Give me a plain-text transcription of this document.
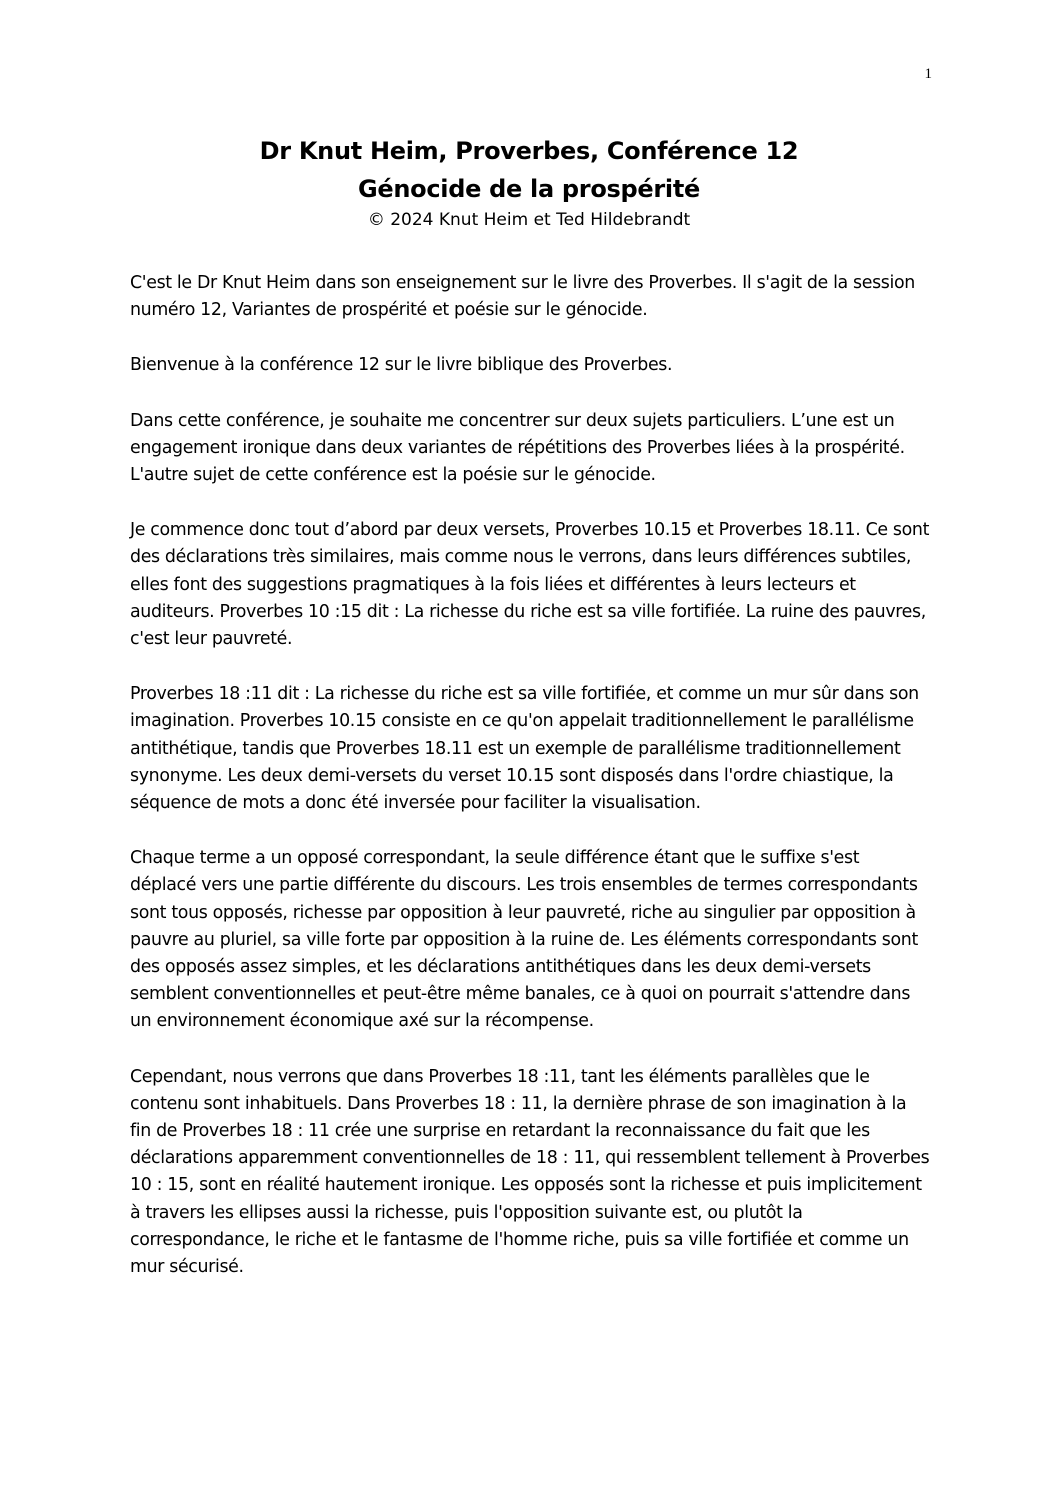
1
Dr Knut Heim, Proverbes, Conférence 12
Génocide de la prospérité
© 2024 Knut Heim et Ted Hildebrandt

C'est le Dr Knut Heim dans son enseignement sur le livre des Proverbes. Il s'agit de la session numéro 12, Variantes de prospérité et poésie sur le génocide.

Bienvenue à la conférence 12 sur le livre biblique des Proverbes.

Dans cette conférence, je souhaite me concentrer sur deux sujets particuliers. L’une est un engagement ironique dans deux variantes de répétitions des Proverbes liées à la prospérité. L'autre sujet de cette conférence est la poésie sur le génocide.

Je commence donc tout d’abord par deux versets, Proverbes 10.15 et Proverbes 18.11. Ce sont des déclarations très similaires, mais comme nous le verrons, dans leurs différences subtiles, elles font des suggestions pragmatiques à la fois liées et différentes à leurs lecteurs et auditeurs. Proverbes 10 :15 dit : La richesse du riche est sa ville fortifiée. La ruine des pauvres, c'est leur pauvreté.

Proverbes 18 :11 dit : La richesse du riche est sa ville fortifiée, et comme un mur sûr dans son imagination. Proverbes 10.15 consiste en ce qu'on appelait traditionnellement le parallélisme antithétique, tandis que Proverbes 18.11 est un exemple de parallélisme traditionnellement synonyme. Les deux demi-versets du verset 10.15 sont disposés dans l'ordre chiastique, la séquence de mots a donc été inversée pour faciliter la visualisation.

Chaque terme a un opposé correspondant, la seule différence étant que le suffixe s'est déplacé vers une partie différente du discours. Les trois ensembles de termes correspondants sont tous opposés, richesse par opposition à leur pauvreté, riche au singulier par opposition à pauvre au pluriel, sa ville forte par opposition à la ruine de. Les éléments correspondants sont des opposés assez simples, et les déclarations antithétiques dans les deux demi-versets semblent conventionnelles et peut-être même banales, ce à quoi on pourrait s'attendre dans un environnement économique axé sur la récompense.

Cependant, nous verrons que dans Proverbes 18 :11, tant les éléments parallèles que le contenu sont inhabituels. Dans Proverbes 18 : 11, la dernière phrase de son imagination à la fin de Proverbes 18 : 11 crée une surprise en retardant la reconnaissance du fait que les déclarations apparemment conventionnelles de 18 : 11, qui ressemblent tellement à Proverbes 10 : 15, sont en réalité hautement ironique. Les opposés sont la richesse et puis implicitement à travers les ellipses aussi la richesse, puis l'opposition suivante est, ou plutôt la correspondance, le riche et le fantasme de l'homme riche, puis sa ville fortifiée et comme un mur sécurisé.
